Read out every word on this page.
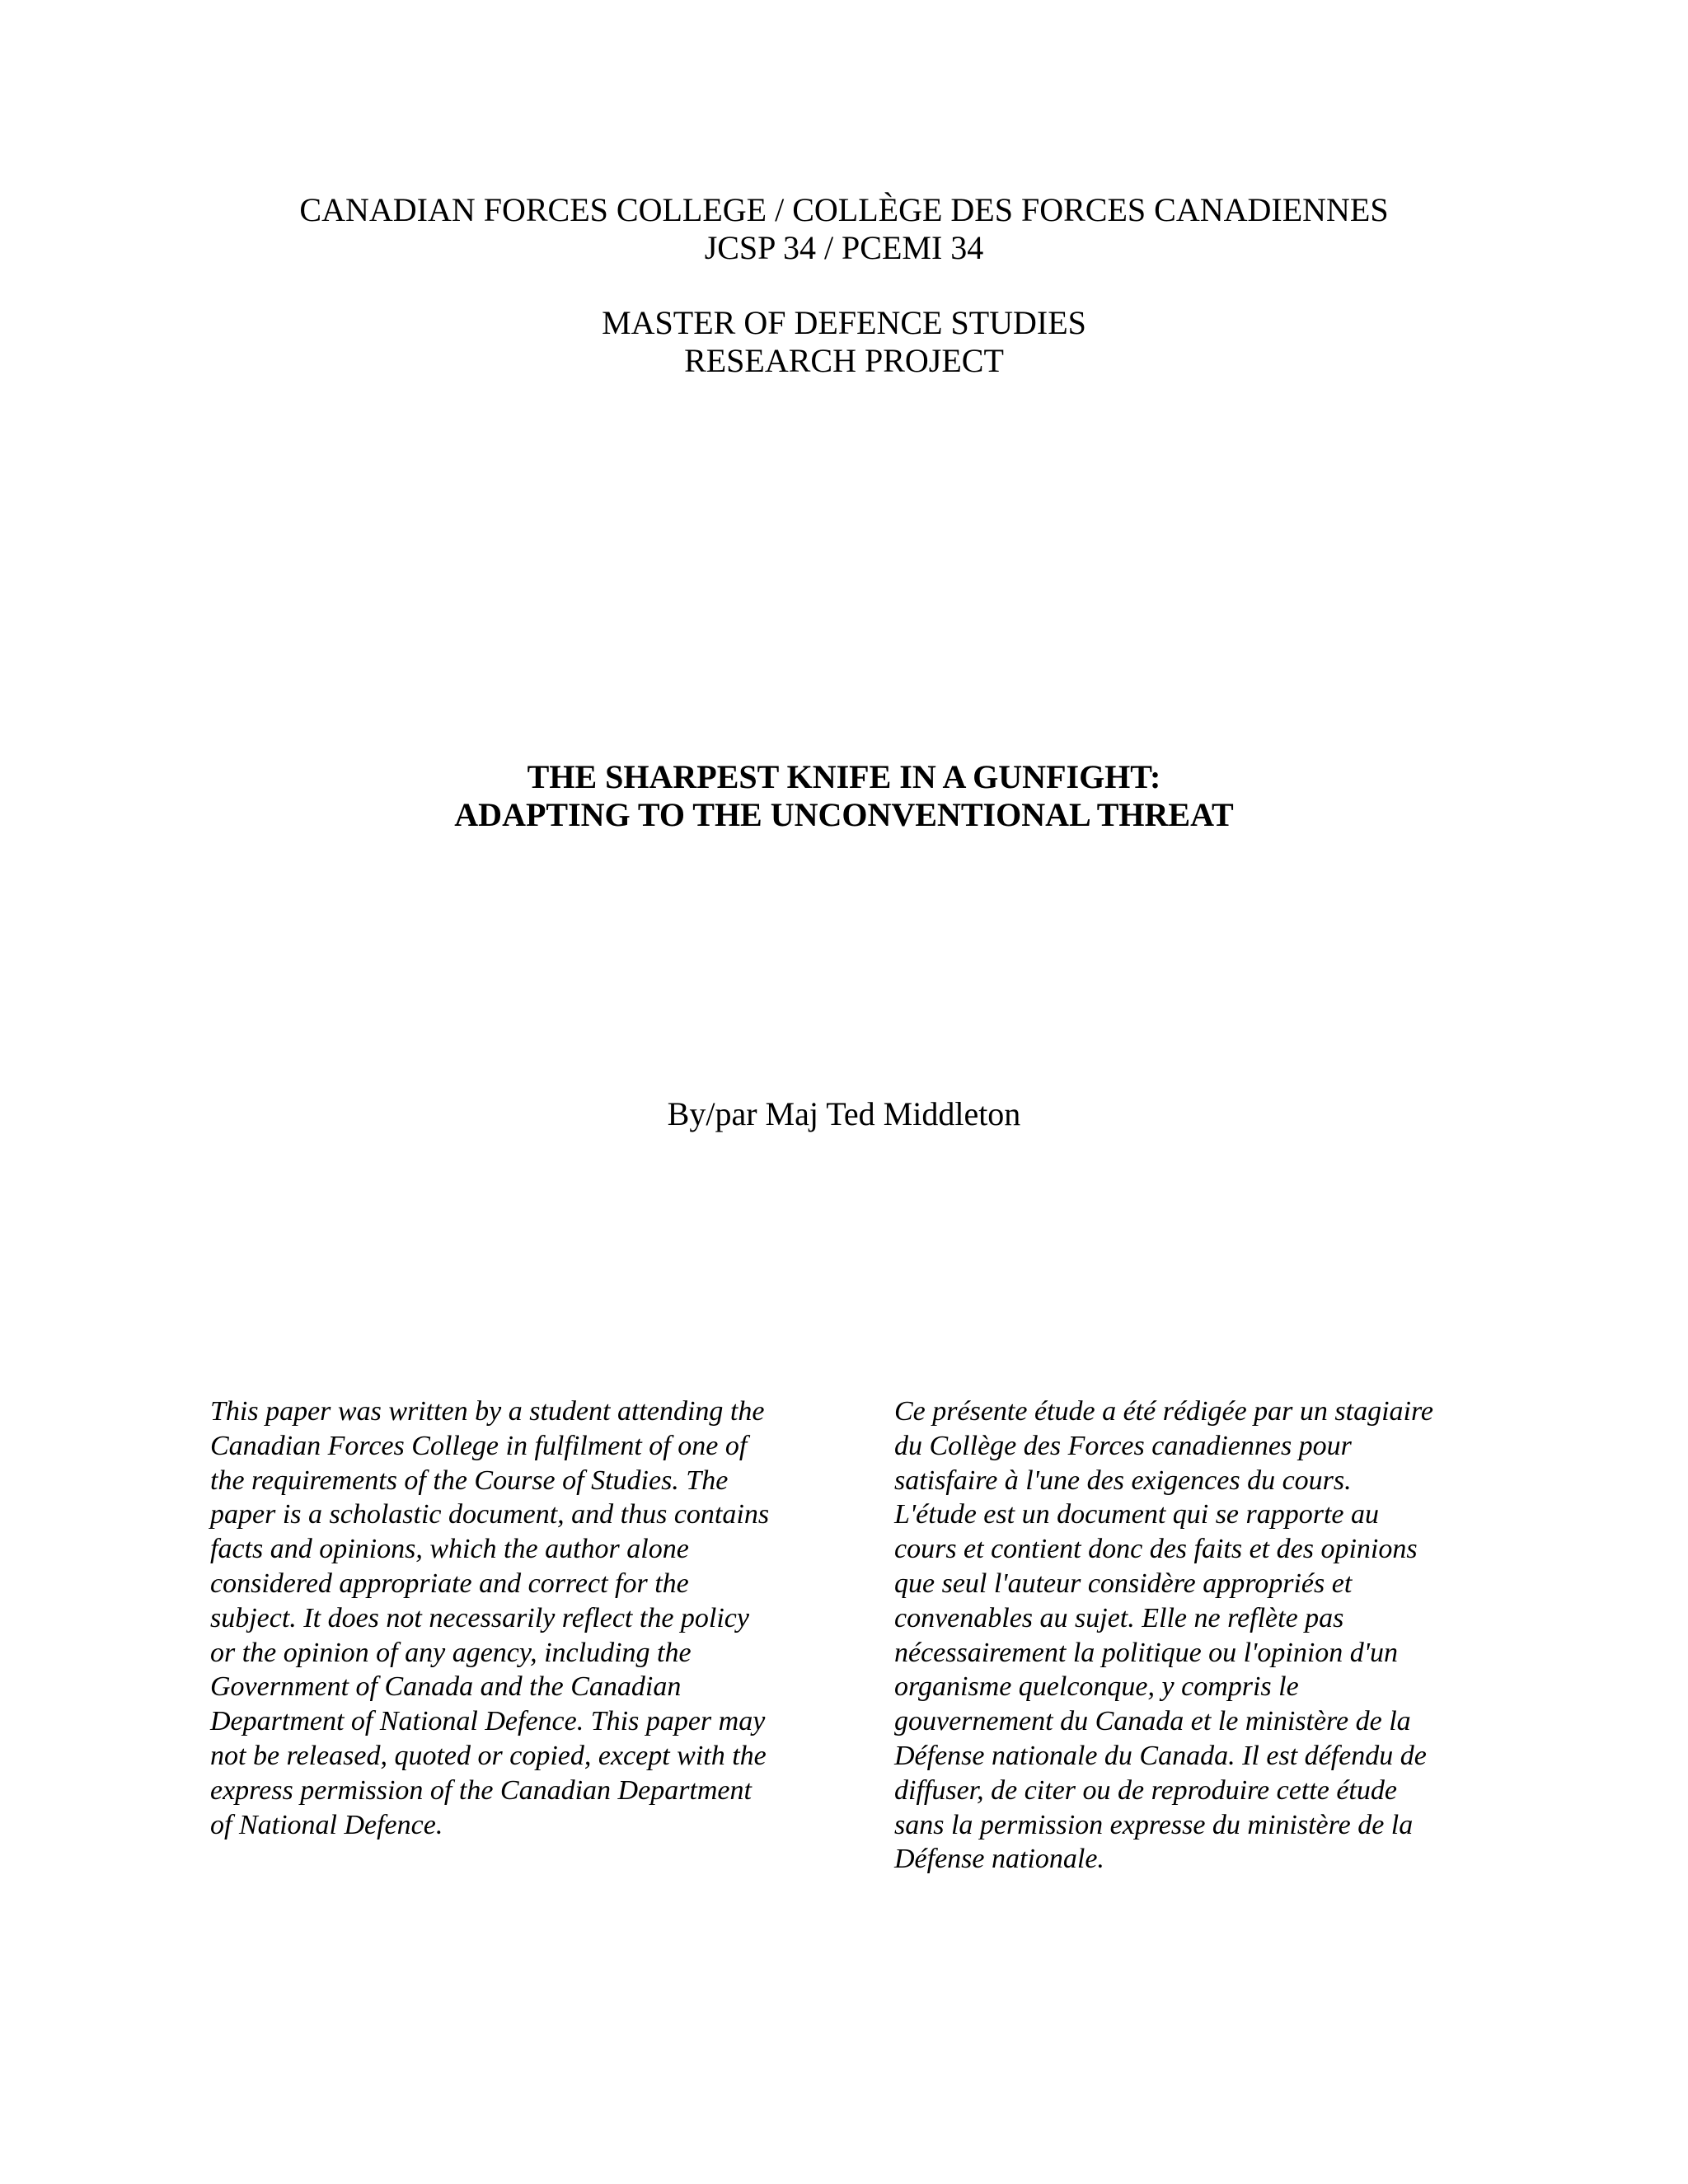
CANADIAN FORCES COLLEGE / COLLÈGE DES FORCES CANADIENNES
JCSP 34 / PCEMI 34
MASTER OF DEFENCE STUDIES
RESEARCH PROJECT
THE SHARPEST KNIFE IN A GUNFIGHT:
ADAPTING TO THE UNCONVENTIONAL THREAT
By/par Maj Ted Middleton
This paper was written by a student attending the
Canadian Forces College in fulfilment of one of
the requirements of the Course of Studies. The
paper is a scholastic document, and thus contains
facts and opinions, which the author alone
considered appropriate and correct for the
subject. It does not necessarily reflect the policy
or the opinion of any agency, including the
Government of Canada and the Canadian
Department of National Defence. This paper may
not be released, quoted or copied, except with the
express permission of the Canadian Department
of National Defence.
Ce présente étude a été rédigée par un stagiaire
du Collège des Forces canadiennes pour
satisfaire à l'une des exigences du cours.
L'étude est un document qui se rapporte au
cours et contient donc des faits et des opinions
que seul l'auteur considère appropriés et
convenables au sujet. Elle ne reflète pas
nécessairement la politique ou l'opinion d'un
organisme quelconque, y compris le
gouvernement du Canada et le ministère de la
Défense nationale du Canada. Il est défendu de
diffuser, de citer ou de reproduire cette étude
sans la permission expresse du ministère de la
Défense nationale.
